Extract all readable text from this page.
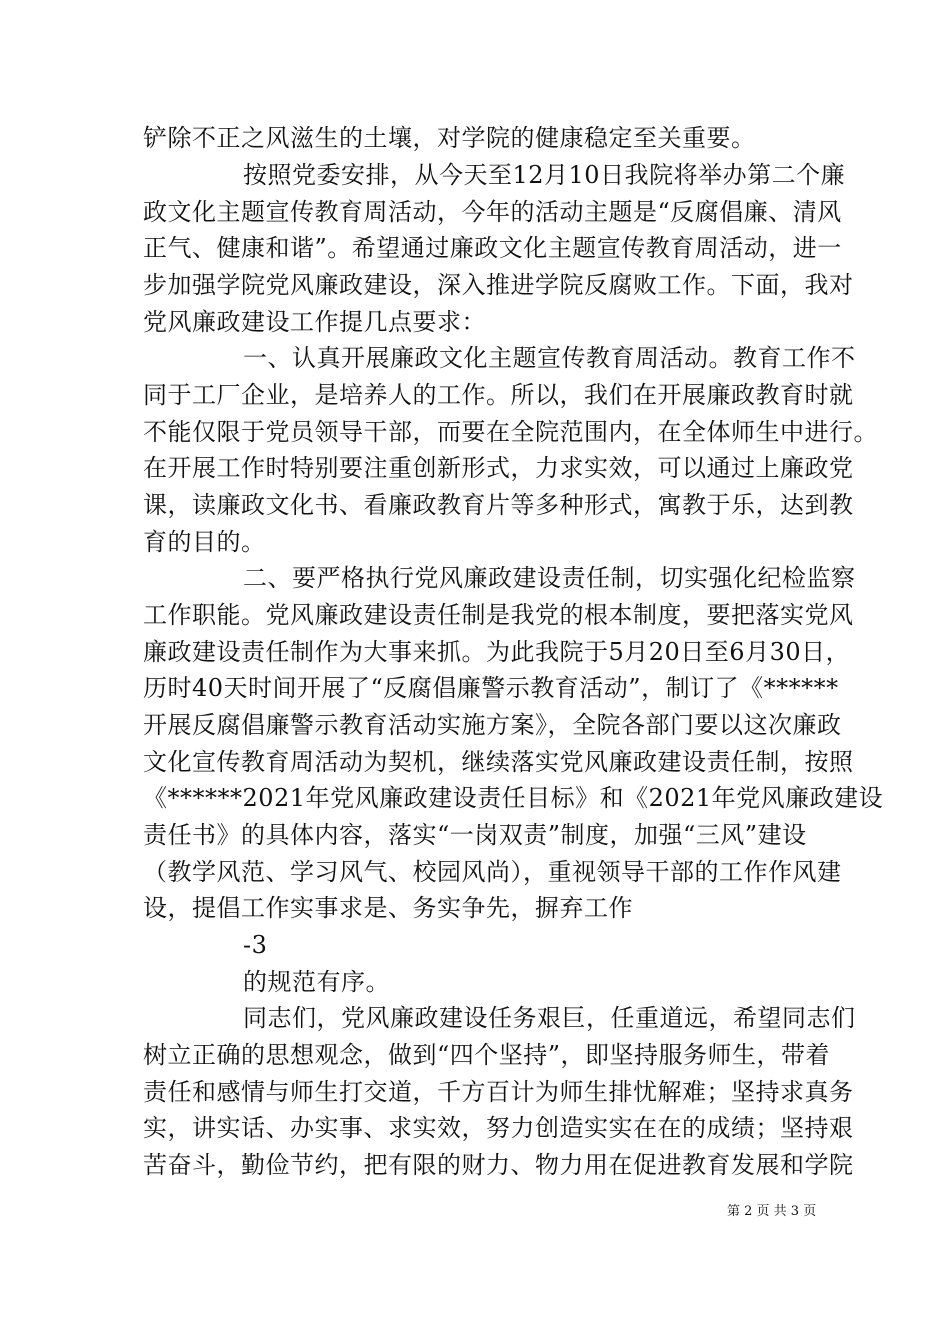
铲除不正之风滋生的土壤，对学院的健康稳定至关重要。
按照党委安排，从今天至12月10日我院将举办第二个廉
政文化主题宣传教育周活动，今年的活动主题是“反腐倡廉、清风
正气、健康和谐”。希望通过廉政文化主题宣传教育周活动，进一
步加强学院党风廉政建设，深入推进学院反腐败工作。下面，我对
党风廉政建设工作提几点要求：
一、认真开展廉政文化主题宣传教育周活动。教育工作不
同于工厂企业，是培养人的工作。所以，我们在开展廉政教育时就
不能仅限于党员领导干部，而要在全院范围内，在全体师生中进行。
在开展工作时特别要注重创新形式，力求实效，可以通过上廉政党
课，读廉政文化书、看廉政教育片等多种形式，寓教于乐，达到教
育的目的。
二、要严格执行党风廉政建设责任制，切实强化纪检监察
工作职能。党风廉政建设责任制是我党的根本制度，要把落实党风
廉政建设责任制作为大事来抓。为此我院于5月20日至6月30日，
历时40天时间开展了“反腐倡廉警示教育活动”，制订了《******
开展反腐倡廉警示教育活动实施方案》，全院各部门要以这次廉政
文化宣传教育周活动为契机，继续落实党风廉政建设责任制，按照
《******2021年党风廉政建设责任目标》和《2021年党风廉政建设
责任书》的具体内容，落实“一岗双责”制度，加强“三风”建设
（教学风范、学习风气、校园风尚），重视领导干部的工作作风建
设，提倡工作实事求是、务实争先，摒弃工作
-3
的规范有序。
同志们，党风廉政建设任务艰巨，任重道远，希望同志们
树立正确的思想观念，做到“四个坚持”，即坚持服务师生，带着
责任和感情与师生打交道，千方百计为师生排忧解难；坚持求真务
实，讲实话、办实事、求实效，努力创造实实在在的成绩；坚持艰
苦奋斗，勤俭节约，把有限的财力、物力用在促进教育发展和学院
第 2 页 共 3 页
